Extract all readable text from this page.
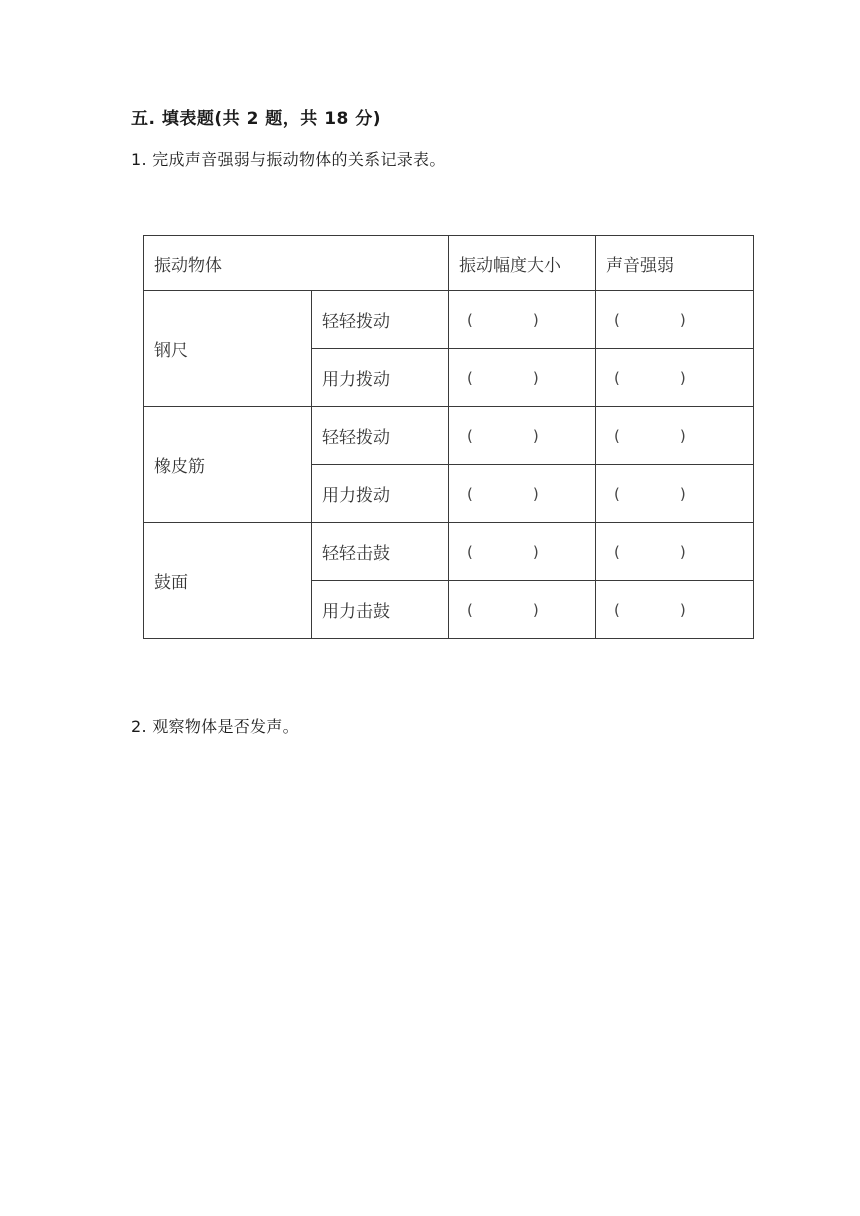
五. 填表题(共 2 题，共 18 分)
1. 完成声音强弱与振动物体的关系记录表。
振动物体		振动幅度大小	声音强弱
钢尺	轻轻拨动	( )	( )
	用力拨动	( )	( )
橡皮筋	轻轻拨动	( )	( )
	用力拨动	( )	( )
鼓面	轻轻击鼓	( )	( )
	用力击鼓	( )	( )
2. 观察物体是否发声。
